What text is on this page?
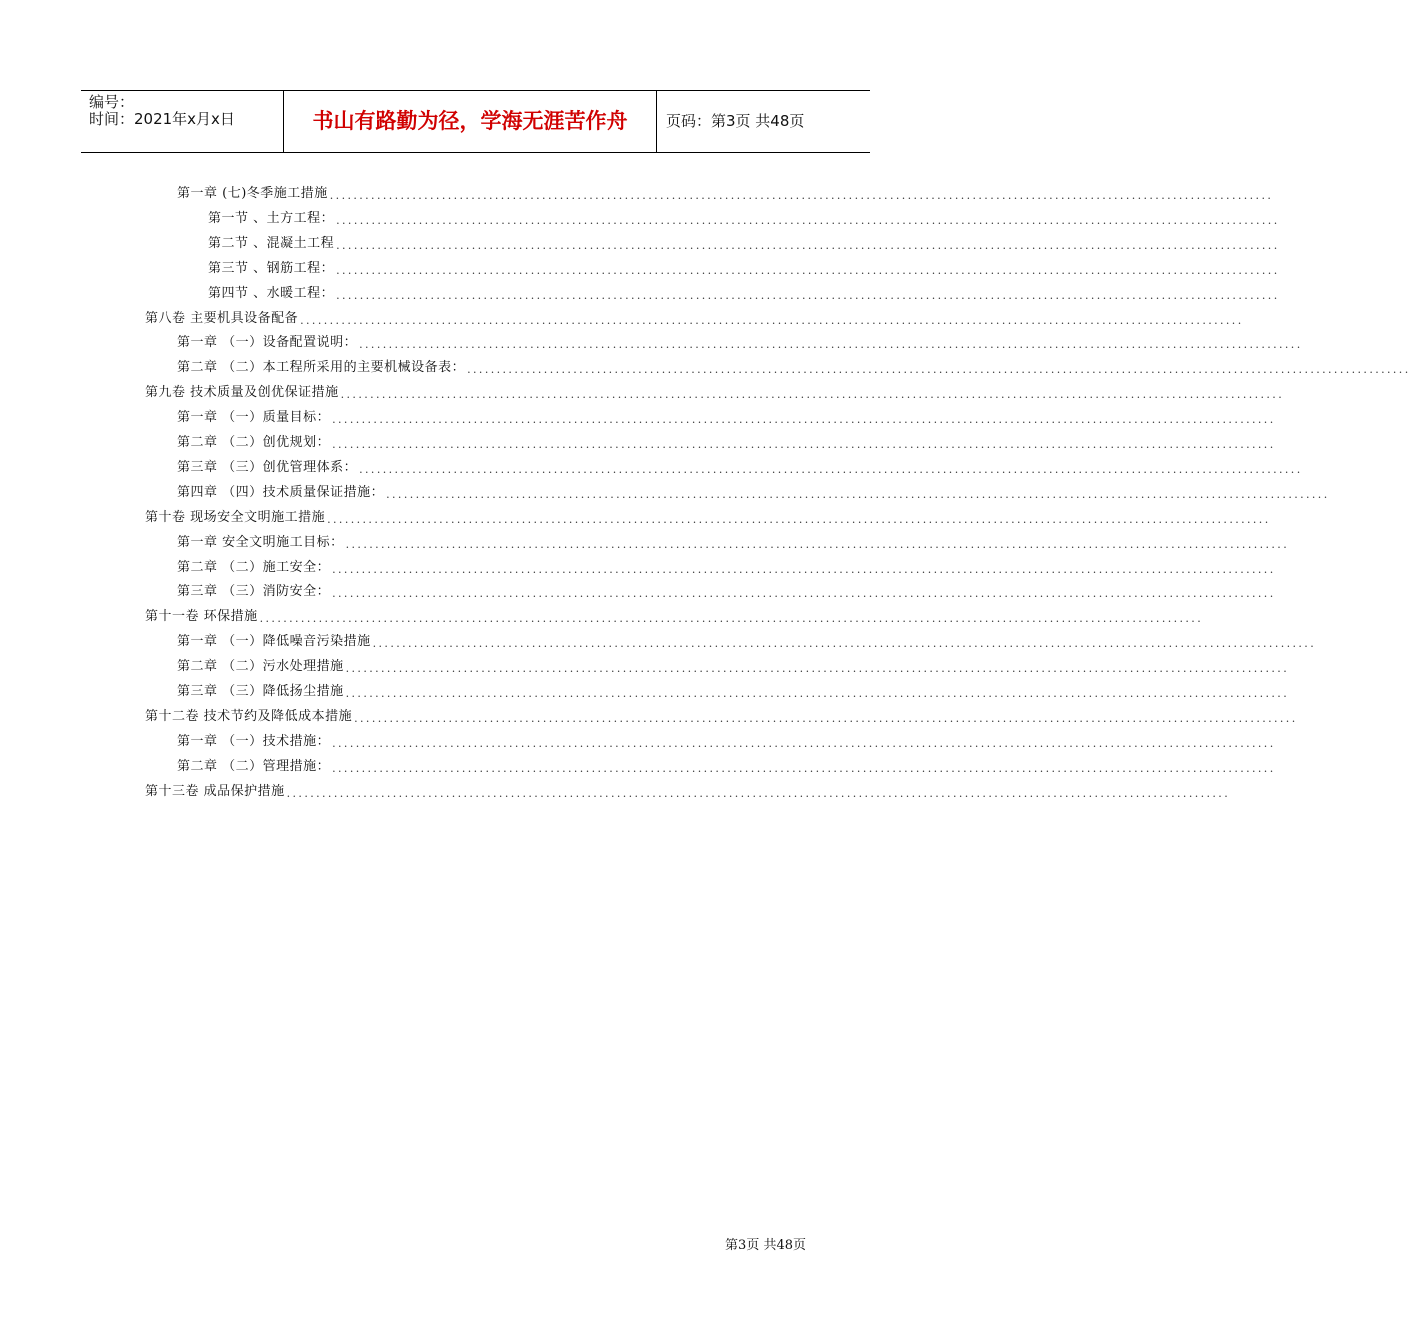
编号：
时间：2021年x月x日	书山有路勤为径，学海无涯苦作舟	页码：第3页 共48页
第一章 (七)冬季施工措施 ................................................................................................................................................................
第一节 、土方工程： ................................................................................................................................................................
第二节 、混凝土工程 ................................................................................................................................................................
第三节 、钢筋工程： ................................................................................................................................................................
第四节 、水暖工程： ................................................................................................................................................................
第八卷 主要机具设备配备 ................................................................................................................................................................
第一章 （一）设备配置说明： ................................................................................................................................................................
第二章 （二）本工程所采用的主要机械设备表： ................................................................................................................................................................
第九卷 技术质量及创优保证措施 ................................................................................................................................................................
第一章 （一）质量目标： ................................................................................................................................................................
第二章 （二）创优规划： ................................................................................................................................................................
第三章 （三）创优管理体系： ................................................................................................................................................................
第四章 （四）技术质量保证措施： ................................................................................................................................................................
第十卷 现场安全文明施工措施 ................................................................................................................................................................
第一章 安全文明施工目标： ................................................................................................................................................................
第二章 （二）施工安全： ................................................................................................................................................................
第三章 （三）消防安全： ................................................................................................................................................................
第十一卷 环保措施 ................................................................................................................................................................
第一章 （一）降低噪音污染措施 ................................................................................................................................................................
第二章 （二）污水处理措施 ................................................................................................................................................................
第三章 （三）降低扬尘措施 ................................................................................................................................................................
第十二卷 技术节约及降低成本措施 ................................................................................................................................................................
第一章 （一）技术措施： ................................................................................................................................................................
第二章 （二）管理措施： ................................................................................................................................................................
第十三卷 成品保护措施 ................................................................................................................................................................
第3页 共48页
